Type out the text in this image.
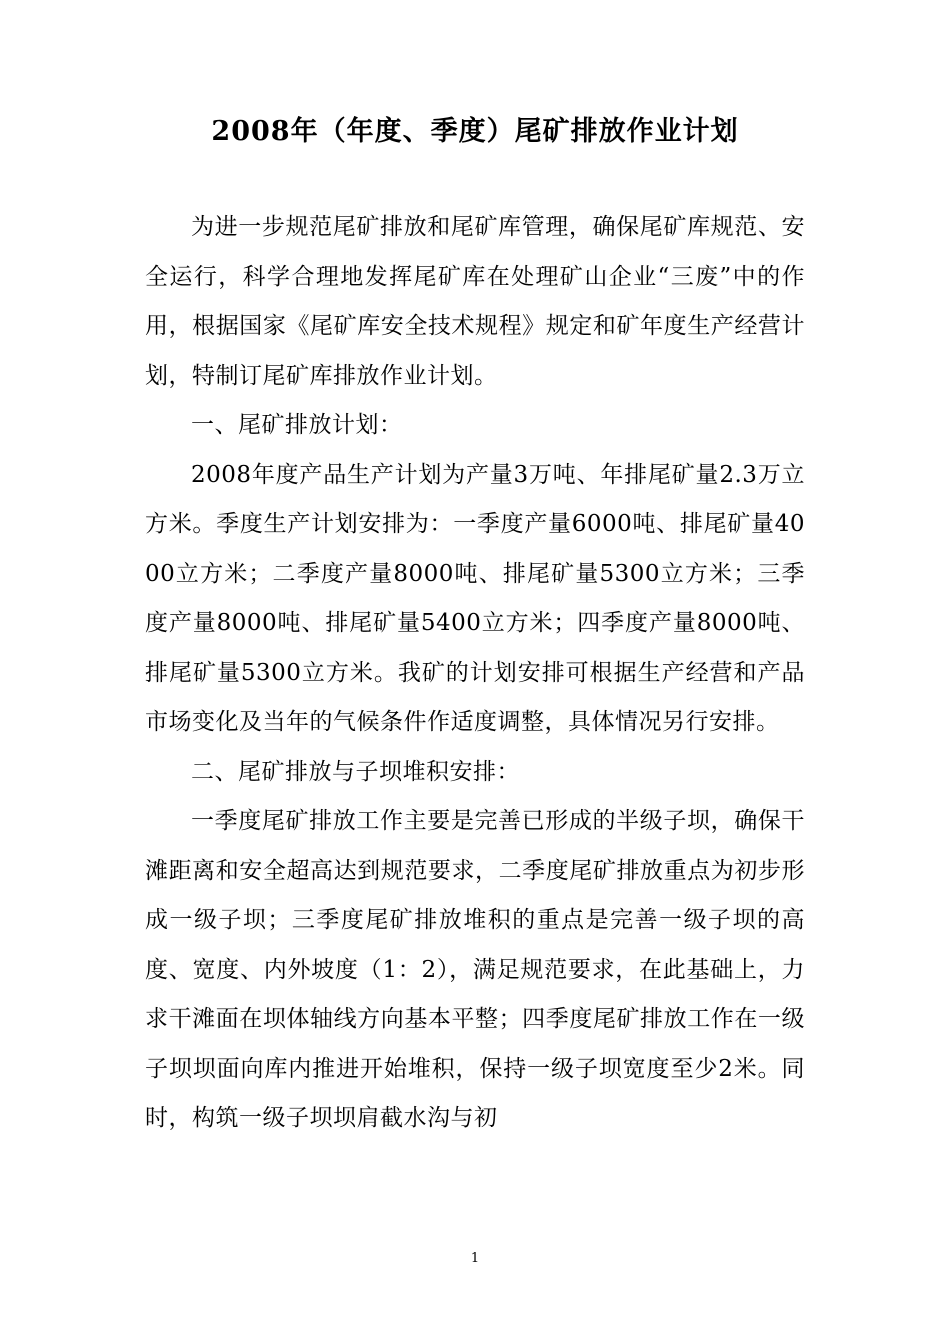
2008年（年度、季度）尾矿排放作业计划

为进一步规范尾矿排放和尾矿库管理，确保尾矿库规范、安全运行，科学合理地发挥尾矿库在处理矿山企业“三废”中的作用，根据国家《尾矿库安全技术规程》规定和矿年度生产经营计划，特制订尾矿库排放作业计划。

一、尾矿排放计划：

2008年度产品生产计划为产量3万吨、年排尾矿量2.3万立方米。季度生产计划安排为：一季度产量6000吨、排尾矿量4000立方米；二季度产量8000吨、排尾矿量5300立方米；三季度产量8000吨、排尾矿量5400立方米；四季度产量8000吨、排尾矿量5300立方米。我矿的计划安排可根据生产经营和产品市场变化及当年的气候条件作适度调整，具体情况另行安排。

二、尾矿排放与子坝堆积安排：

一季度尾矿排放工作主要是完善已形成的半级子坝，确保干滩距离和安全超高达到规范要求，二季度尾矿排放重点为初步形成一级子坝；三季度尾矿排放堆积的重点是完善一级子坝的高度、宽度、内外坡度（1：2），满足规范要求，在此基础上，力求干滩面在坝体轴线方向基本平整；四季度尾矿排放工作在一级子坝坝面向库内推进开始堆积，保持一级子坝宽度至少2米。同时，构筑一级子坝坝肩截水沟与初

1
